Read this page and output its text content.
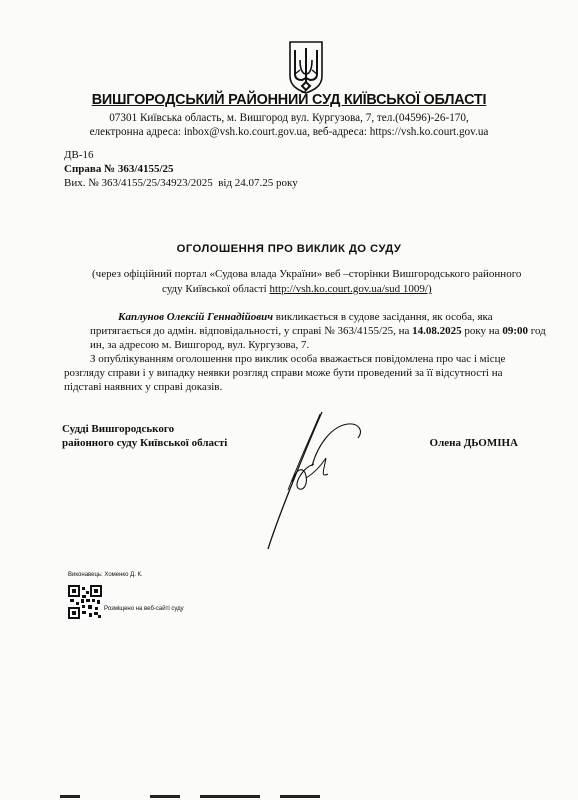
ВИШГОРОДСЬКИЙ РАЙОННИЙ СУД КИЇВСЬКОЇ ОБЛАСТІ
07301 Київська область, м. Вишгород вул. Кургузова, 7, тел.(04596)-26-170,
електронна адреса: inbox@vsh.ko.court.gov.ua, веб-адреса: https://vsh.ko.court.gov.ua
ДВ-16
Справа № 363/4155/25
Вих. № 363/4155/25/34923/2025 від 24.07.25 року
ОГОЛОШЕННЯ ПРО ВИКЛИК ДО СУДУ
(через офіційний портал «Судова влада України» веб –сторінки Вишгородського районного
суду Київської області http://vsh.ko.court.gov.ua/sud 1009/)
Каплунов Олексій Геннадійович викликається в судове засідання, як особа, яка
притягається до адмін. відповідальності, у справі № 363/4155/25, на 14.08.2025 року на 09:00 год
ин, за адресою м. Вишгород, вул. Кургузова, 7.
З опублікуванням оголошення про виклик особа вважається повідомлена про час і місце
розгляду справи і у випадку неявки розгляд справи може бути проведений за її відсутності на
підставі наявних у справі доказів.
Судді Вишгородського
районного суду Київської області	Олена ДЬОМІНА
Виконавець: Хоменко Д. К.
Розміщено на веб-сайті суду
